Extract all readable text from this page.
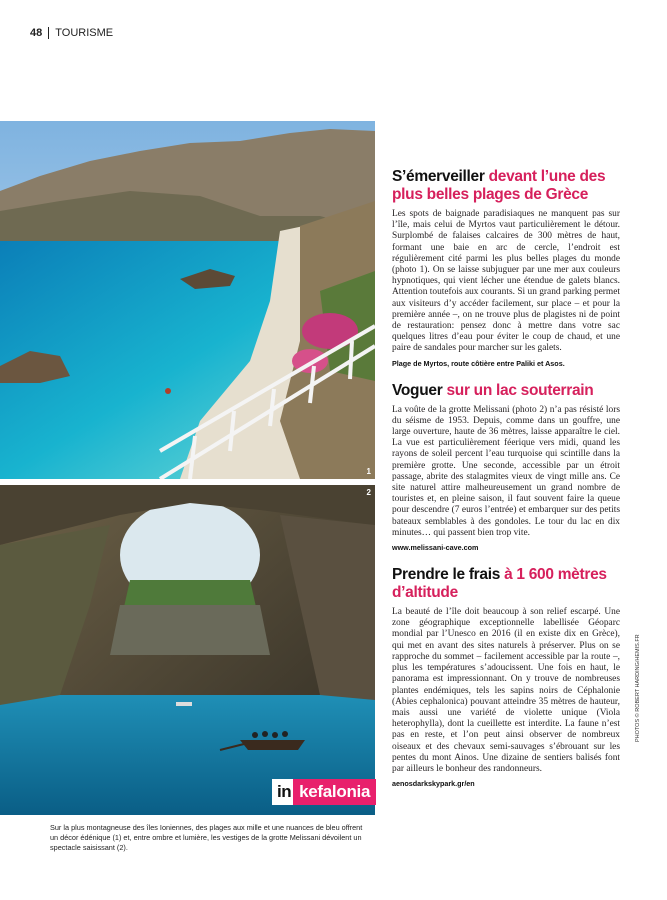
48 TOURISME
1
2
in kefalonia
Sur la plus montagneuse des îles Ioniennes, des plages aux mille et une nuances de bleu offrent un décor édénique (1) et, entre ombre et lumière, les vestiges de la grotte Melissani dévoilent un spectacle saisissant (2).
PHOTOS © ROBERT HARDING/HEMIS.FR
S’émerveiller devant l’une des plus belles plages de Grèce

Les spots de baignade paradisiaques ne manquent pas sur l’île, mais celui de Myrtos vaut particulièrement le détour. Surplombé de falaises calcaires de 300 mètres de haut, formant une baie en arc de cercle, l’endroit est régulièrement cité parmi les plus belles plages du monde (photo 1). On se laisse subjuguer par une mer aux couleurs hypnotiques, qui vient lécher une étendue de galets blancs. Attention toutefois aux courants. Si un grand parking permet aux visiteurs d’y accéder facilement, sur place – et pour la première année –, on ne trouve plus de plagistes ni de point de restauration: pensez donc à mettre dans votre sac quelques litres d’eau pour éviter le coup de chaud, et une paire de sandales pour marcher sur les galets.

Plage de Myrtos, route côtière entre Paliki et Asos.

Voguer sur un lac souterrain

La voûte de la grotte Melissani (photo 2) n’a pas résisté lors du séisme de 1953. Depuis, comme dans un gouffre, une large ouverture, haute de 36 mètres, laisse apparaître le ciel. La vue est particulièrement féerique vers midi, quand les rayons de soleil percent l’eau turquoise qui scintille dans la première grotte. Une seconde, accessible par un étroit passage, abrite des stalagmites vieux de vingt mille ans. Ce site naturel attire malheureusement un grand nombre de touristes et, en pleine saison, il faut souvent faire la queue pour descendre (7 euros l’entrée) et embarquer sur des petits bateaux semblables à des gondoles. Le tour du lac en dix minutes… qui passent bien trop vite.

www.melissani-cave.com

Prendre le frais à 1 600 mètres d’altitude

La beauté de l’île doit beaucoup à son relief escarpé. Une zone géographique exceptionnelle labellisée Géoparc mondial par l’Unesco en 2016 (il en existe dix en Grèce), qui met en avant des sites naturels à préserver. Plus on se rapproche du sommet – facilement accessible par la route –, plus les températures s’adoucissent. Une fois en haut, le panorama est impressionnant. On y trouve de nombreuses plantes endémiques, tels les sapins noirs de Céphalonie (Abies cephalonica) pouvant atteindre 35 mètres de hauteur, mais aussi une variété de violette unique (Viola heterophylla), dont la cueillette est interdite. La faune n’est pas en reste, et l’on peut ainsi observer de nombreux oiseaux et des chevaux semi-sauvages s’ébrouant sur les pentes du mont Ainos. Une dizaine de sentiers balisés font par ailleurs le bonheur des randonneurs.

aenosdarkskypark.gr/en
